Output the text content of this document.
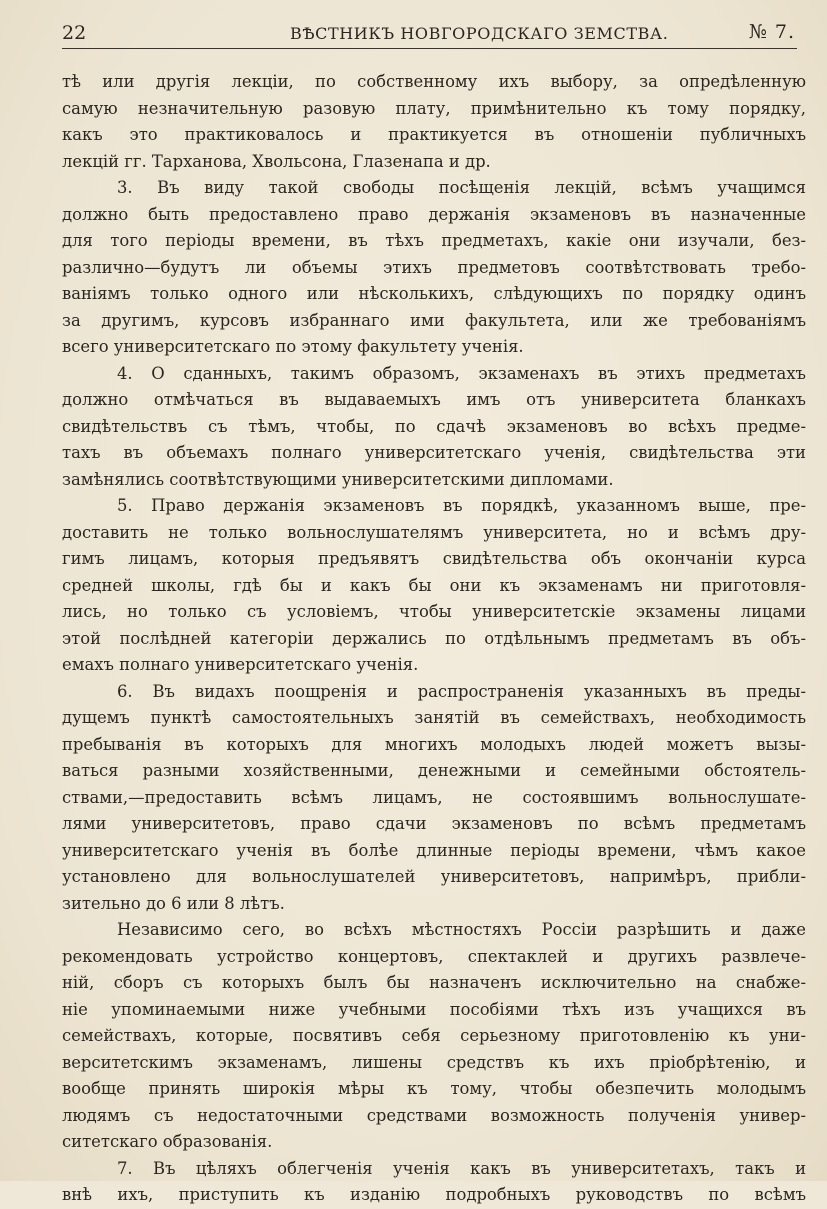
22	ВѢСТНИКЪ НОВГОРОДСКАГО ЗЕМСТВА.	№ 7.
тѣ или другія лекціи, по собственному ихъ выбору, за опредѣленную
самую незначительную разовую плату, примѣнительно къ тому порядку,
какъ это практиковалось и практикуется въ отношеніи публичныхъ
лекцій гг. Тарханова, Хвольсона, Глазенапа и др.
3. Въ виду такой свободы посѣщенія лекцій, всѣмъ учащимся
должно быть предоставлено право держанія экзаменовъ въ назначенные
для того періоды времени, въ тѣхъ предметахъ, какіе они изучали, без-
различно—будутъ ли объемы этихъ предметовъ соотвѣтствовать требо-
ваніямъ только одного или нѣсколькихъ, слѣдующихъ по порядку одинъ
за другимъ, курсовъ избраннаго ими факультета, или же требованіямъ
всего университетскаго по этому факультету ученія.
4. О сданныхъ, такимъ образомъ, экзаменахъ въ этихъ предметахъ
должно отмѣчаться въ выдаваемыхъ имъ отъ университета бланкахъ
свидѣтельствъ съ тѣмъ, чтобы, по сдачѣ экзаменовъ во всѣхъ предме-
тахъ въ объемахъ полнаго университетскаго ученія, свидѣтельства эти
замѣнялись соотвѣтствующими университетскими дипломами.
5. Право держанія экзаменовъ въ порядкѣ, указанномъ выше, пре-
доставить не только вольнослушателямъ университета, но и всѣмъ дру-
гимъ лицамъ, которыя предъявятъ свидѣтельства объ окончаніи курса
средней школы, гдѣ бы и какъ бы они къ экзаменамъ ни приготовля-
лись, но только съ условіемъ, чтобы университетскіе экзамены лицами
этой послѣдней категоріи держались по отдѣльнымъ предметамъ въ объ-
емахъ полнаго университетскаго ученія.
6. Въ видахъ поощренія и распространенія указанныхъ въ преды-
дущемъ пунктѣ самостоятельныхъ занятій въ семействахъ, необходимость
пребыванія въ которыхъ для многихъ молодыхъ людей можетъ вызы-
ваться разными хозяйственными, денежными и семейными обстоятель-
ствами,—предоставить всѣмъ лицамъ, не состоявшимъ вольнослушате-
лями университетовъ, право сдачи экзаменовъ по всѣмъ предметамъ
университетскаго ученія въ болѣе длинные періоды времени, чѣмъ какое
установлено для вольнослушателей университетовъ, напримѣръ, прибли-
зительно до 6 или 8 лѣтъ.
Независимо сего, во всѣхъ мѣстностяхъ Россіи разрѣшить и даже
рекомендовать устройство концертовъ, спектаклей и другихъ развлече-
ній, сборъ съ которыхъ былъ бы назначенъ исключительно на снабже-
ніе упоминаемыми ниже учебными пособіями тѣхъ изъ учащихся въ
семействахъ, которые, посвятивъ себя серьезному приготовленію къ уни-
верситетскимъ экзаменамъ, лишены средствъ къ ихъ пріобрѣтенію, и
вообще принять широкія мѣры къ тому, чтобы обезпечить молодымъ
людямъ съ недостаточными средствами возможность полученія универ-
ситетскаго образованія.
7. Въ цѣляхъ облегченія ученія какъ въ университетахъ, такъ и
внѣ ихъ, приступить къ изданію подробныхъ руководствъ по всѣмъ
